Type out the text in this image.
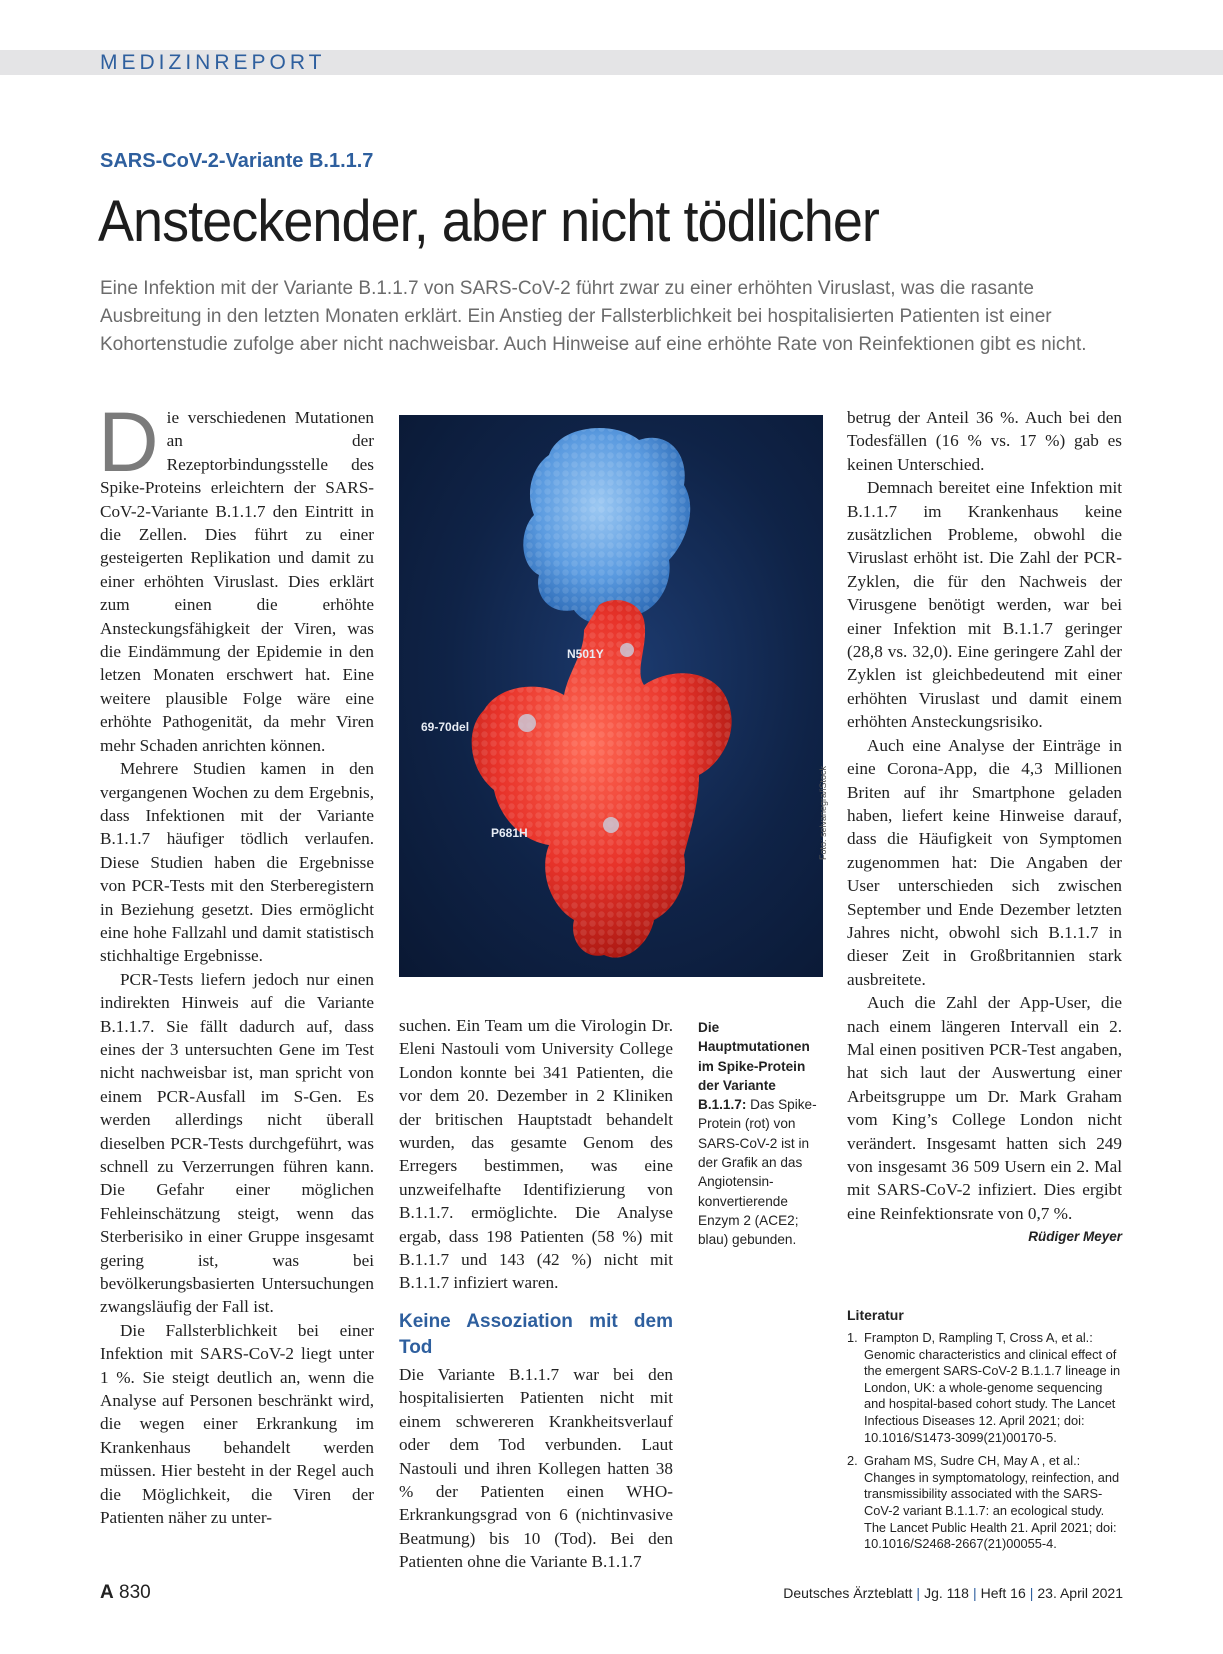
MEDIZINREPORT
SARS-CoV-2-Variante B.1.1.7
Ansteckender, aber nicht tödlicher
Eine Infektion mit der Variante B.1.1.7 von SARS-CoV-2 führt zwar zu einer erhöhten Viruslast, was die rasante Ausbreitung in den letzten Monaten erklärt. Ein Anstieg der Fallsterblichkeit bei hospitalisierten Patienten ist einer Kohortenstudie zufolge aber nicht nachweisbar. Auch Hinweise auf eine erhöhte Rate von Reinfektionen gibt es nicht.

Die verschiedenen Mutationen an der Rezeptorbindungsstelle des Spike-Proteins erleichtern der SARS-CoV-2-Variante B.1.1.7 den Eintritt in die Zellen. Dies führt zu einer gesteigerten Replikation und damit zu einer erhöhten Viruslast. Dies erklärt zum einen die erhöhte Ansteckungsfähigkeit der Viren, was die Eindämmung der Epidemie in den letzen Monaten erschwert hat. Eine weitere plausible Folge wäre eine erhöhte Pathogenität, da mehr Viren mehr Schaden anrichten können.

Mehrere Studien kamen in den vergangenen Wochen zu dem Ergebnis, dass Infektionen mit der Variante B.1.1.7 häufiger tödlich verlaufen. Diese Studien haben die Ergebnisse von PCR-Tests mit den Sterberegistern in Beziehung gesetzt. Dies ermöglicht eine hohe Fallzahl und damit statistisch stichhaltige Ergebnisse.

PCR-Tests liefern jedoch nur einen indirekten Hinweis auf die Variante B.1.1.7. Sie fällt dadurch auf, dass eines der 3 untersuchten Gene im Test nicht nachweisbar ist, man spricht von einem PCR-Ausfall im S-Gen. Es werden allerdings nicht überall dieselben PCR-Tests durchgeführt, was schnell zu Verzerrungen führen kann. Die Gefahr einer möglichen Fehleinschätzung steigt, wenn das Sterberisiko in einer Gruppe insgesamt gering ist, was bei bevölkerungsbasierten Untersuchungen zwangsläufig der Fall ist.

Die Fallsterblichkeit bei einer Infektion mit SARS-CoV-2 liegt unter 1 %. Sie steigt deutlich an, wenn die Analyse auf Personen beschränkt wird, die wegen einer Erkrankung im Krankenhaus behandelt werden müssen. Hier besteht in der Regel auch die Möglichkeit, die Viren der Patienten näher zu unter-

N501Y
69-70del
P681H	Foto: selvanegra/iStock
Die Hauptmutationen im Spike-Protein der Variante B.1.1.7: Das Spike-Protein (rot) von SARS-CoV-2 ist in der Grafik an das Angiotensin-konvertierende Enzym 2 (ACE2; blau) gebunden.

suchen. Ein Team um die Virologin Dr. Eleni Nastouli vom University College London konnte bei 341 Patienten, die vor dem 20. Dezember in 2 Kliniken der britischen Hauptstadt behandelt wurden, das gesamte Genom des Erregers bestimmen, was eine unzweifelhafte Identifizierung von B.1.1.7. ermöglichte. Die Analyse ergab, dass 198 Patienten (58 %) mit B.1.1.7 und 143 (42 %) nicht mit B.1.1.7 infiziert waren.

Keine Assoziation mit dem Tod

Die Variante B.1.1.7 war bei den hospitalisierten Patienten nicht mit einem schwereren Krankheitsverlauf oder dem Tod verbunden. Laut Nastouli und ihren Kollegen hatten 38 % der Patienten einen WHO-Erkrankungsgrad von 6 (nichtinvasive Beatmung) bis 10 (Tod). Bei den Patienten ohne die Variante B.1.1.7

betrug der Anteil 36 %. Auch bei den Todesfällen (16 % vs. 17 %) gab es keinen Unterschied.

Demnach bereitet eine Infektion mit B.1.1.7 im Krankenhaus keine zusätzlichen Probleme, obwohl die Viruslast erhöht ist. Die Zahl der PCR-Zyklen, die für den Nachweis der Virusgene benötigt werden, war bei einer Infektion mit B.1.1.7 geringer (28,8 vs. 32,0). Eine geringere Zahl der Zyklen ist gleichbedeutend mit einer erhöhten Viruslast und damit einem erhöhten Ansteckungsrisiko.

Auch eine Analyse der Einträge in eine Corona-App, die 4,3 Millionen Briten auf ihr Smartphone geladen haben, liefert keine Hinweise darauf, dass die Häufigkeit von Symptomen zugenommen hat: Die Angaben der User unterschieden sich zwischen September und Ende Dezember letzten Jahres nicht, obwohl sich B.1.1.7 in dieser Zeit in Großbritannien stark ausbreitete.

Auch die Zahl der App-User, die nach einem längeren Intervall ein 2. Mal einen positiven PCR-Test angaben, hat sich laut der Auswertung einer Arbeitsgruppe um Dr. Mark Graham vom King’s College London nicht verändert. Insgesamt hatten sich 249 von insgesamt 36 509 Usern ein 2. Mal mit SARS-CoV-2 infiziert. Dies ergibt eine Reinfektionsrate von 0,7 %.
Rüdiger Meyer

Literatur
1. Frampton D, Rampling T, Cross A, et al.: Genomic characteristics and clinical effect of the emergent SARS-CoV-2 B.1.1.7 lineage in London, UK: a whole-genome sequencing and hospital-based cohort study. The Lancet Infectious Diseases 12. April 2021; doi: 10.1016/S1473-3099(21)00170-5.
2. Graham MS, Sudre CH, May A , et al.: Changes in symptomatology, reinfection, and transmissibility associated with the SARS-CoV-2 variant B.1.1.7: an ecological study. The Lancet Public Health 21. April 2021; doi: 10.1016/S2468-2667(21)00055-4.
A 830	Deutsches Ärzteblatt | Jg. 118 | Heft 16 | 23. April 2021
